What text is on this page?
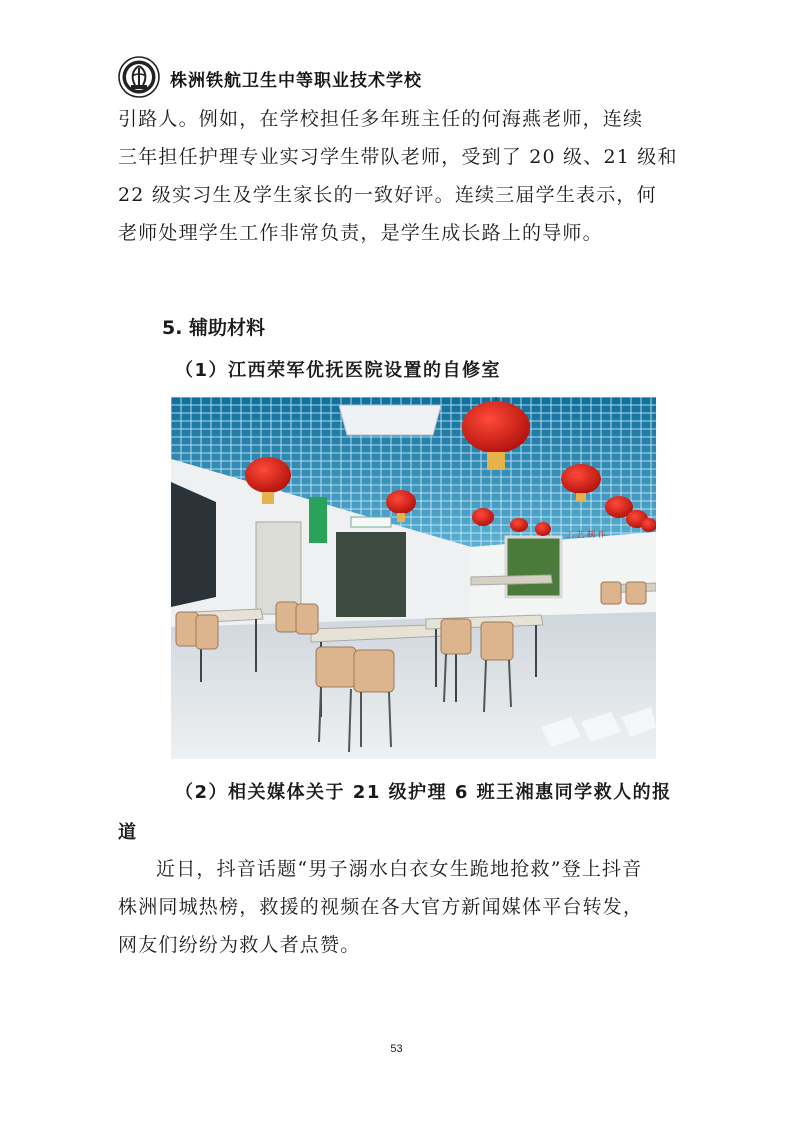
株洲铁航卫生中等职业技术学校
引路人。例如，在学校担任多年班主任的何海燕老师，连续
三年担任护理专业实习学生带队老师，受到了 20 级、21 级和
22 级实习生及学生家长的一致好评。连续三届学生表示，何
老师处理学生工作非常负责，是学生成长路上的导师。
5. 辅助材料
（1）江西荣军优抚医院设置的自修室
工 艺 制 作
（2）相关媒体关于 21 级护理 6 班王湘惠同学救人的报
道
近日，抖音话题“男子溺水白衣女生跪地抢救”登上抖音
株洲同城热榜，救援的视频在各大官方新闻媒体平台转发，
网友们纷纷为救人者点赞。
53
